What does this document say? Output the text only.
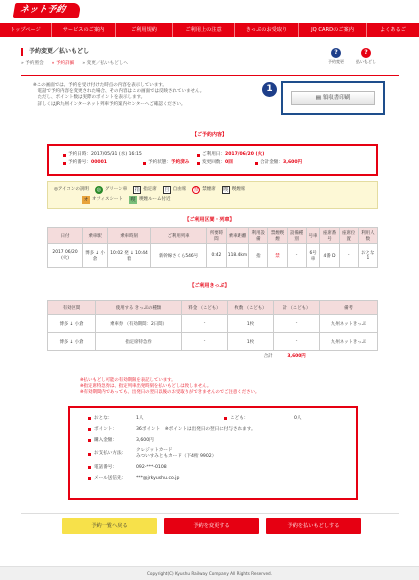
ネット予約
トップページ	サービスのご案内	ご利用規約	ご利用上の注意	きっぷのお受取り	JQ CARDのご案内	よくあるご
予約変更／払いもどし
» 予約照会 » 予約詳細 » 変更／払いもどしへ
?
予約変更
?
払いもどし
※この画面では、予約を受け付けた時点の内容を表示しています。
　電話で予約内容を変更された場合、その内容はこの画面では反映されていません。
　ただし、ポイント数は実際のポイントを表示します。
　詳しくはJR九州インターネット列車予約案内センターへご確認ください。
1
▤ 領収書印刷
【ご予約内容】
予約日時 ： 2017/05/31 (水) 16:15	ご利用日 ： 2017/06/20 (火)
予約番号 ： 00001	予約状態 ： 予約済み	変更回数 ： 0回	合計金額 ： 3,600円
◎アイコンの説明	◎ グリーン車 指 指定席 自 自由席 禁 禁煙席 喫 喫煙席
オ オフィスシート 喫 喫煙ルーム付近
【ご利用区間・列車】
日付	乗車駅	乗車時刻	ご利用列車	所要時間	乗車距離	利用設備	禁煙喫煙	設備種別	号車	座席番号	座席位置	利用人数
2017 06/20 (火)	博多 ↓ 小倉	10:02 発 ↓ 10:44 着	新幹線さくら546号	0:42	118.4km	指	禁	-	6号車	4番 D	-	おとな 1
【ご利用きっぷ】
有効区間	使用する きっぷの種類	料金 （こども）	枚数 （こども）	計 （こども）	備考
博多 ↓ 小倉	乗車券 （有効期間：2日間）	-	1枚	-	九州ネットきっぷ
博多 ↓ 小倉	指定席特急券	-	1枚	-	九州ネットきっぷ
			合計	3,600円	
※払いもどし可能の有効期限を表記しています。
※指定席特急券は、指定列車出発時刻を払いもどしは致しません。
※有効期間内であっても、出発日の翌日以後のお受取りができませんのでご注意ください。
おとな：	1人	こども：	0人
ポイント：	36ポイント　※ポイントは出発日の翌日に付与されます。
購入金額：	3,600円
お支払い方法：
クレジットカード
みついすみともカード（下4桁 9902）
電話番号：	092-***-0108
メール送信先： ***@jrkyushu.co.jp
予約一覧へ戻る	予約を変更する	予約を払いもどしする
Copyright(C) Kyushu Railway Company All Rights Reserved.
